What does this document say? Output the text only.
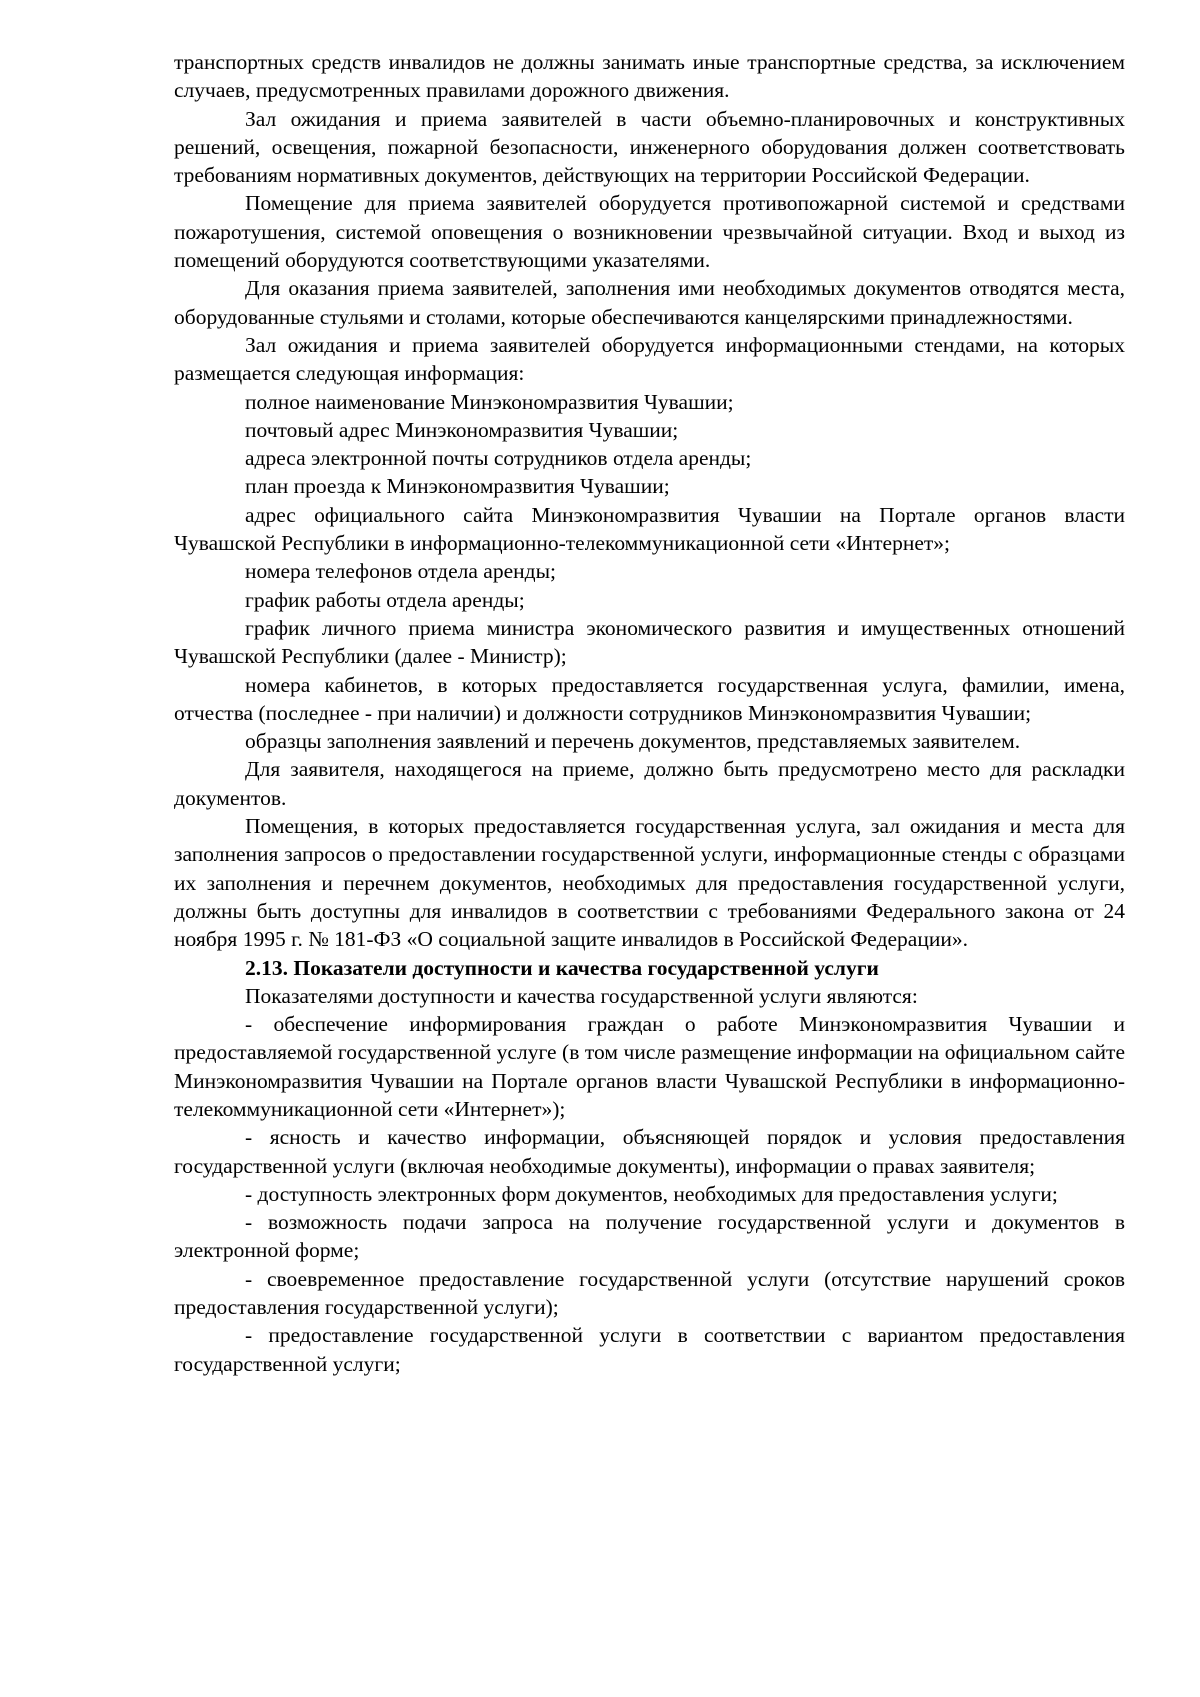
транспортных средств инвалидов не должны занимать иные транспортные средства, за исключением случаев, предусмотренных правилами дорожного движения.

Зал ожидания и приема заявителей в части объемно-планировочных и конструктивных решений, освещения, пожарной безопасности, инженерного оборудования должен соответствовать требованиям нормативных документов, действующих на территории Российской Федерации.

Помещение для приема заявителей оборудуется противопожарной системой и средствами пожаротушения, системой оповещения о возникновении чрезвычайной ситуации. Вход и выход из помещений оборудуются соответствующими указателями.

Для оказания приема заявителей, заполнения ими необходимых документов отводятся места, оборудованные стульями и столами, которые обеспечиваются канцелярскими принадлежностями.

Зал ожидания и приема заявителей оборудуется информационными стендами, на которых размещается следующая информация:

полное наименование Минэкономразвития Чувашии;

почтовый адрес Минэкономразвития Чувашии;

адреса электронной почты сотрудников отдела аренды;

план проезда к Минэкономразвития Чувашии;

адрес официального сайта Минэкономразвития Чувашии на Портале органов власти Чувашской Республики в информационно-телекоммуникационной сети «Интернет»;

номера телефонов отдела аренды;

график работы отдела аренды;

график личного приема министра экономического развития и имущественных отношений Чувашской Республики (далее - Министр);

номера кабинетов, в которых предоставляется государственная услуга, фамилии, имена, отчества (последнее - при наличии) и должности сотрудников Минэкономразвития Чувашии;

образцы заполнения заявлений и перечень документов, представляемых заявителем.

Для заявителя, находящегося на приеме, должно быть предусмотрено место для раскладки документов.

Помещения, в которых предоставляется государственная услуга, зал ожидания и места для заполнения запросов о предоставлении государственной услуги, информационные стенды с образцами их заполнения и перечнем документов, необходимых для предоставления государственной услуги, должны быть доступны для инвалидов в соответствии с требованиями Федерального закона от 24 ноября 1995 г. № 181-ФЗ «О социальной защите инвалидов в Российской Федерации».

2.13. Показатели доступности и качества государственной услуги

Показателями доступности и качества государственной услуги являются:

- обеспечение информирования граждан о работе Минэкономразвития Чувашии и предоставляемой государственной услуге (в том числе размещение информации на официальном сайте Минэкономразвития Чувашии на Портале органов власти Чувашской Республики в информационно-телекоммуникационной сети «Интернет»);

- ясность и качество информации, объясняющей порядок и условия предоставления государственной услуги (включая необходимые документы), информации о правах заявителя;

- доступность электронных форм документов, необходимых для предоставления услуги;

- возможность подачи запроса на получение государственной услуги и документов в электронной форме;

- своевременное предоставление государственной услуги (отсутствие нарушений сроков предоставления государственной услуги);

- предоставление государственной услуги в соответствии с вариантом предоставления государственной услуги;
